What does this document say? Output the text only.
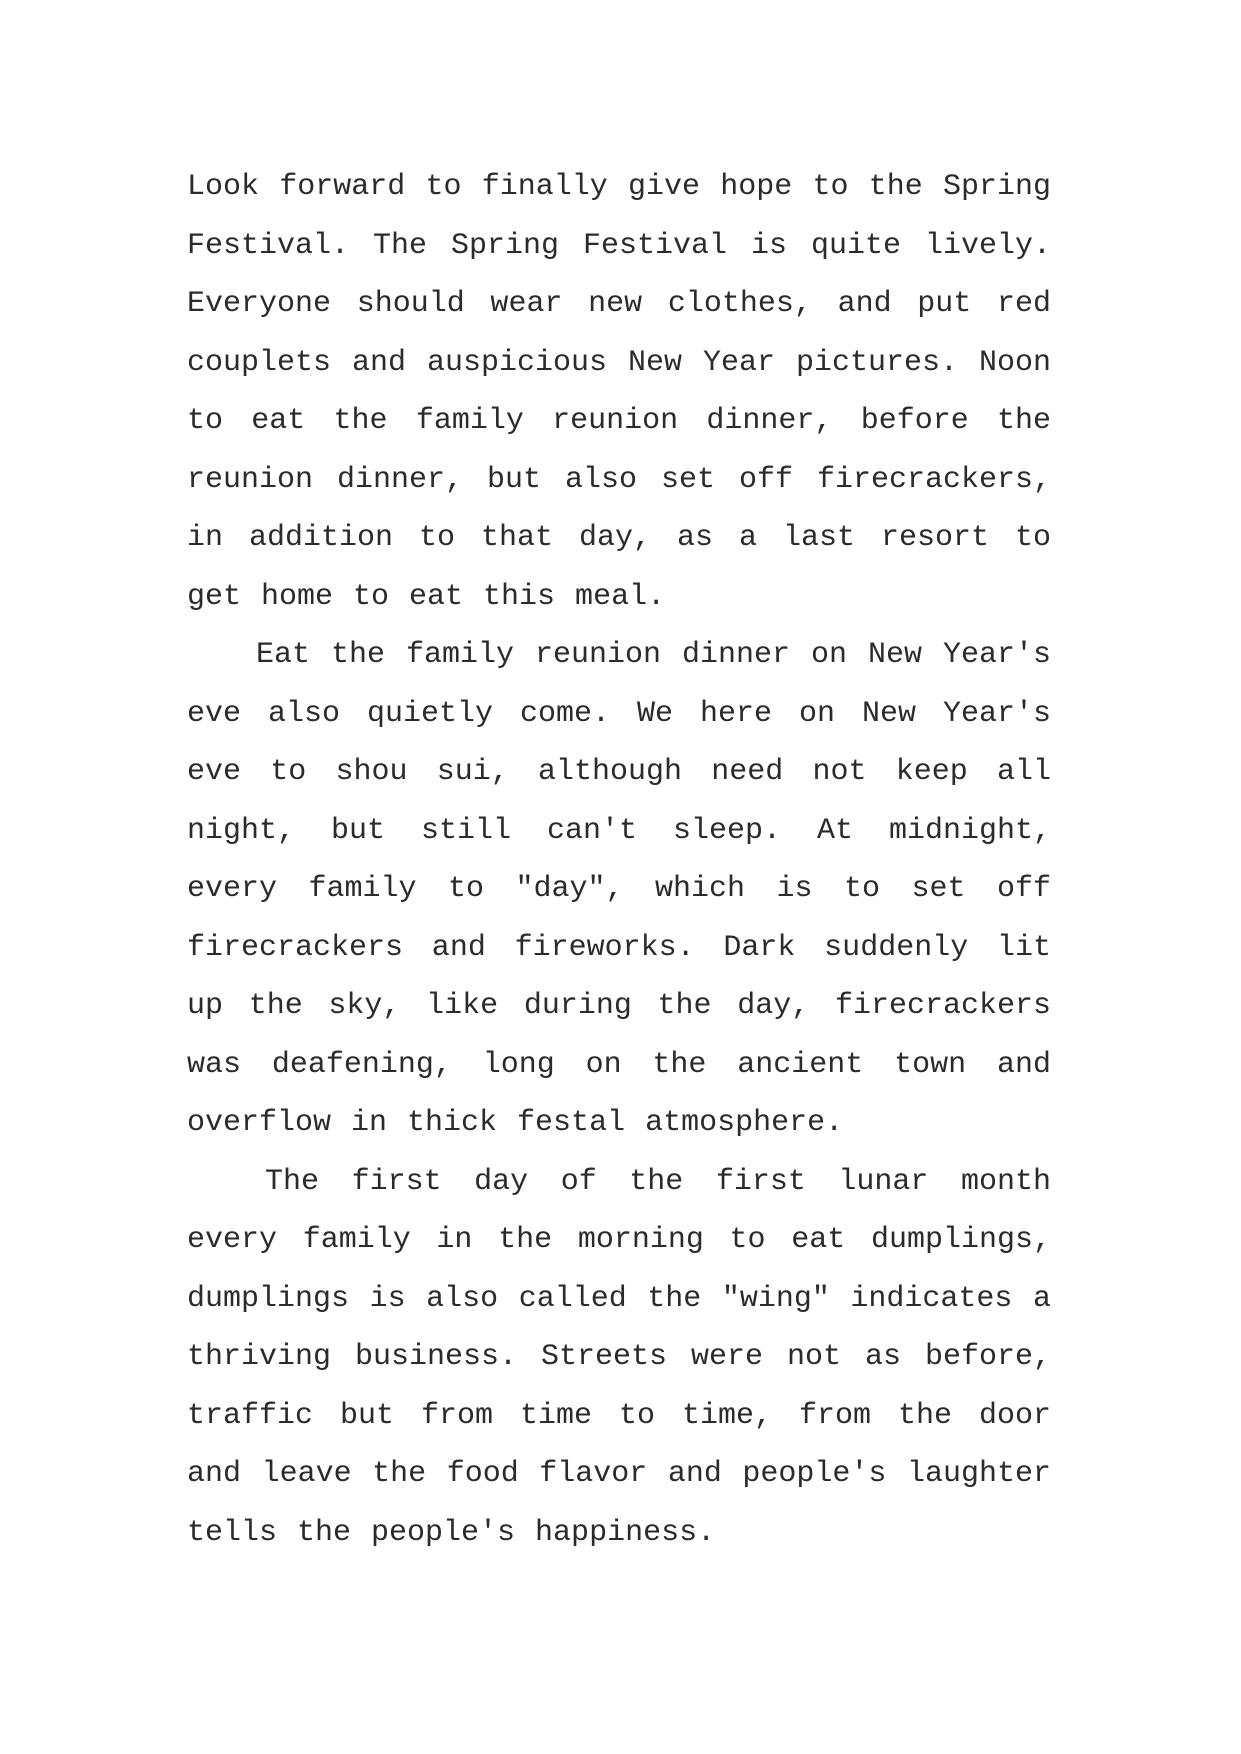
Look forward to finally give hope to the Spring Festival. The Spring Festival is quite lively. Everyone should wear new clothes, and put red couplets and auspicious New Year pictures. Noon to eat the family reunion dinner, before the reunion dinner, but also set off firecrackers, in addition to that day, as a last resort to get home to eat this meal.

Eat the family reunion dinner on New Year's eve also quietly come. We here on New Year's eve to shou sui, although need not keep all night, but still can't sleep. At midnight, every family to "day", which is to set off firecrackers and fireworks. Dark suddenly lit up the sky, like during the day, firecrackers was deafening, long on the ancient town and overflow in thick festal atmosphere.

The first day of the first lunar month every family in the morning to eat dumplings, dumplings is also called the "wing" indicates a thriving business. Streets were not as before, traffic but from time to time, from the door and leave the food flavor and people's laughter tells the people's happiness.
